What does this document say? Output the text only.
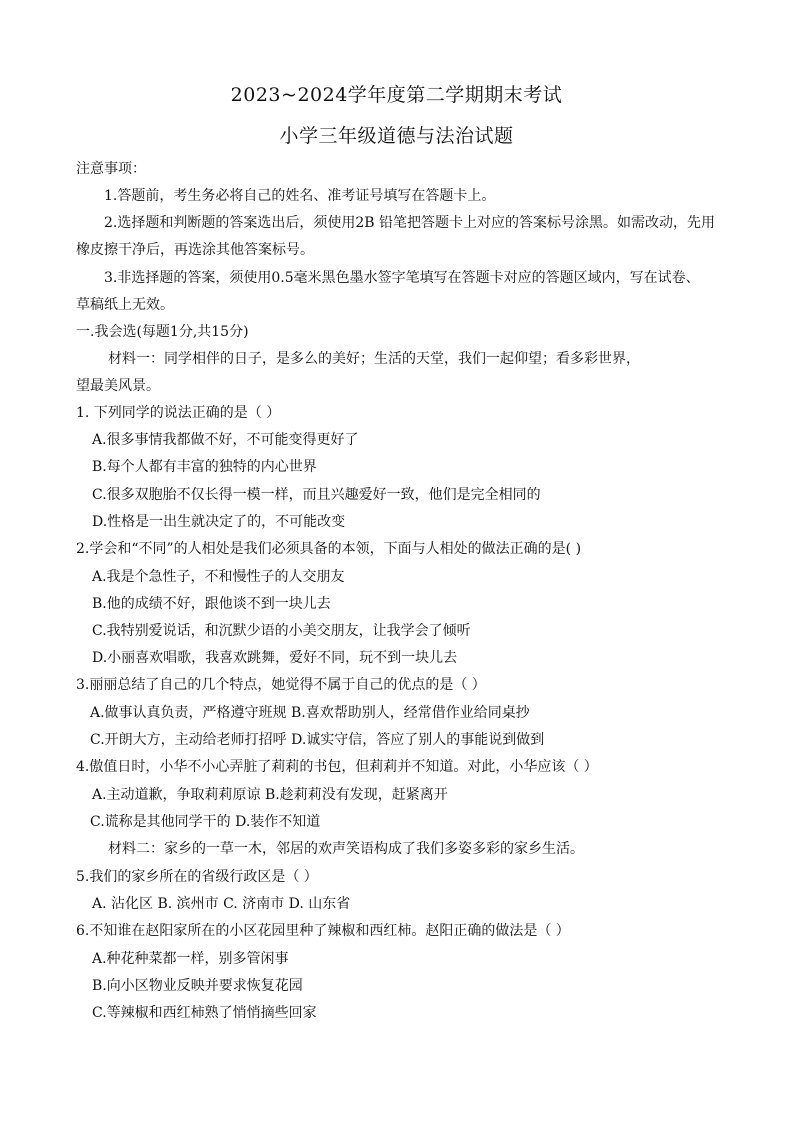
2023~2024学年度第二学期期末考试
小学三年级道德与法治试题
注意事项：
1.答题前，考生务必将自己的姓名、准考证号填写在答题卡上。
2.选择题和判断题的答案选出后，须使用2B 铅笔把答题卡上对应的答案标号涂黑。如需改动，先用
橡皮擦干净后，再选涂其他答案标号。
3.非选择题的答案，须使用0.5毫米黑色墨水签字笔填写在答题卡对应的答题区域内，写在试卷、
草稿纸上无效。
一.我会选(每题1分,共15分)
材料一：同学相伴的日子，是多么的美好；生活的天堂，我们一起仰望；看多彩世界，
望最美风景。
1. 下列同学的说法正确的是（ ）
A.很多事情我都做不好，不可能变得更好了
B.每个人都有丰富的独特的内心世界
C.很多双胞胎不仅长得一模一样，而且兴趣爱好一致，他们是完全相同的
D.性格是一出生就决定了的，不可能改变
2.学会和“不同”的人相处是我们必须具备的本领，下面与人相处的做法正确的是( )
A.我是个急性子，不和慢性子的人交朋友
B.他的成绩不好，跟他谈不到一块儿去
C.我特别爱说话，和沉默少语的小美交朋友，让我学会了倾听
D.小丽喜欢唱歌，我喜欢跳舞，爱好不同，玩不到一块儿去
3.丽丽总结了自己的几个特点，她觉得不属于自己的优点的是（ ）
A.做事认真负责，严格遵守班规 B.喜欢帮助别人，经常借作业给同桌抄
C.开朗大方，主动给老师打招呼 D.诚实守信，答应了别人的事能说到做到
4.傲值日时，小华不小心弄脏了莉莉的书包，但莉莉并不知道。对此，小华应该（ ）
A.主动道歉，争取莉莉原谅 B.趁莉莉没有发现，赶紧离开
C.谎称是其他同学干的 D.装作不知道
材料二：家乡的一草一木，邻居的欢声笑语构成了我们多姿多彩的家乡生活。
5.我们的家乡所在的省级行政区是（ ）
A. 沾化区 B. 滨州市 C. 济南市 D. 山东省
6.不知谁在赵阳家所在的小区花园里种了辣椒和西红柿。赵阳正确的做法是（ ）
A.种花种菜都一样，别多管闲事
B.向小区物业反映并要求恢复花园
C.等辣椒和西红柿熟了悄悄摘些回家
